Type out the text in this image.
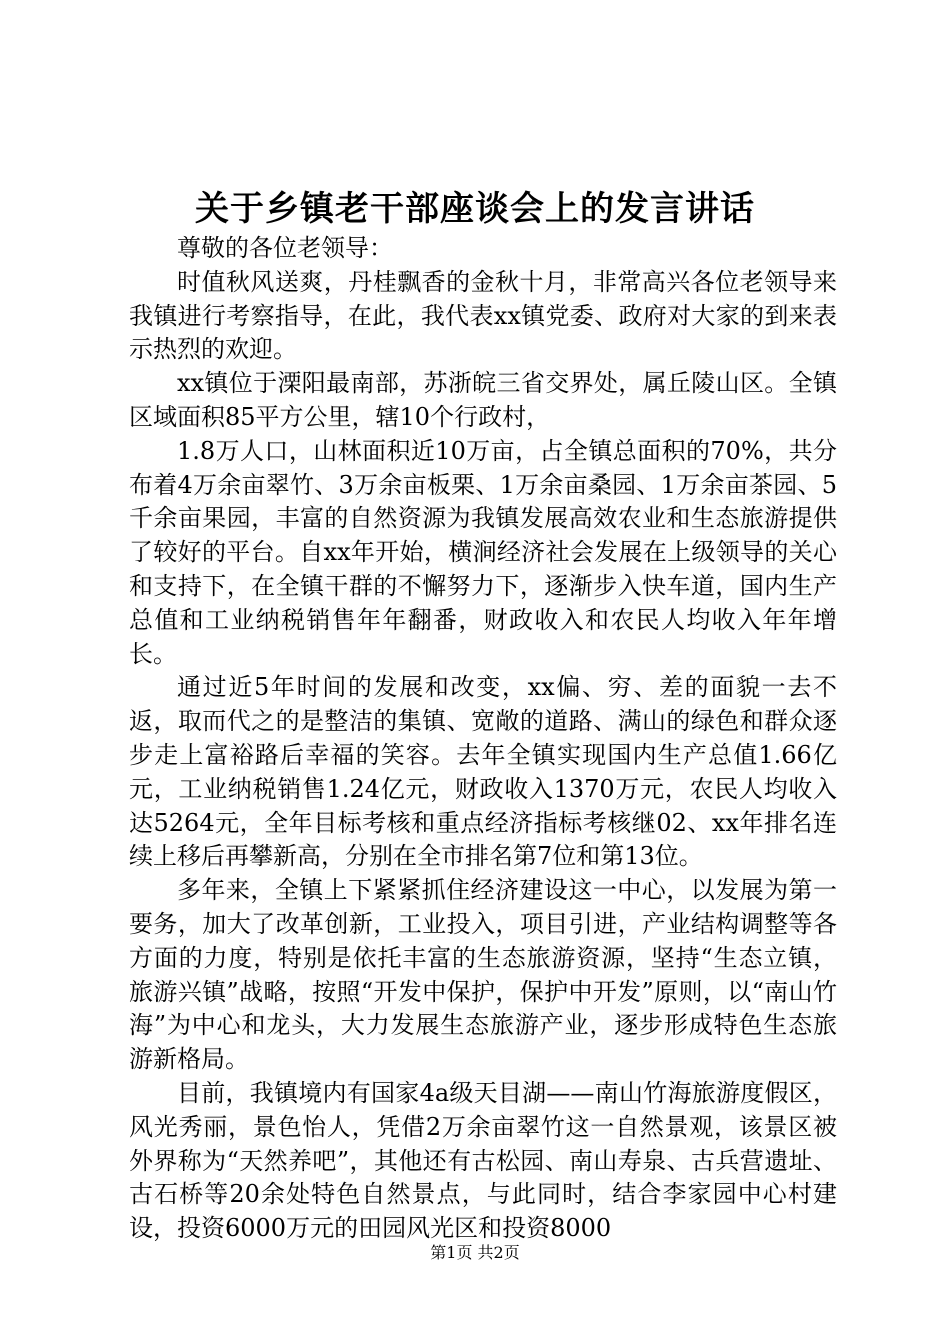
关于乡镇老干部座谈会上的发言讲话

尊敬的各位老领导：

时值秋风送爽，丹桂飘香的金秋十月，非常高兴各位老领导来我镇进行考察指导，在此，我代表xx镇党委、政府对大家的到来表示热烈的欢迎。

xx镇位于溧阳最南部，苏浙皖三省交界处，属丘陵山区。全镇区域面积85平方公里，辖10个行政村，

1.8万人口，山林面积近10万亩，占全镇总面积的70%，共分布着4万余亩翠竹、3万余亩板栗、1万余亩桑园、1万余亩茶园、5千余亩果园，丰富的自然资源为我镇发展高效农业和生态旅游提供了较好的平台。自xx年开始，横涧经济社会发展在上级领导的关心和支持下，在全镇干群的不懈努力下，逐渐步入快车道，国内生产总值和工业纳税销售年年翻番，财政收入和农民人均收入年年增长。

通过近5年时间的发展和改变，xx偏、穷、差的面貌一去不返，取而代之的是整洁的集镇、宽敞的道路、满山的绿色和群众逐步走上富裕路后幸福的笑容。去年全镇实现国内生产总值1.66亿元，工业纳税销售1.24亿元，财政收入1370万元，农民人均收入达5264元，全年目标考核和重点经济指标考核继02、xx年排名连续上移后再攀新高，分别在全市排名第7位和第13位。

多年来，全镇上下紧紧抓住经济建设这一中心，以发展为第一要务，加大了改革创新，工业投入，项目引进，产业结构调整等各方面的力度，特别是依托丰富的生态旅游资源，坚持“生态立镇，旅游兴镇”战略，按照“开发中保护，保护中开发”原则，以“南山竹海”为中心和龙头，大力发展生态旅游产业，逐步形成特色生态旅游新格局。

目前，我镇境内有国家4a级天目湖——南山竹海旅游度假区，风光秀丽，景色怡人，凭借2万余亩翠竹这一自然景观，该景区被外界称为“天然养吧”，其他还有古松园、南山寿泉、古兵营遗址、古石桥等20余处特色自然景点，与此同时，结合李家园中心村建设，投资6000万元的田园风光区和投资8000

第1页 共2页
